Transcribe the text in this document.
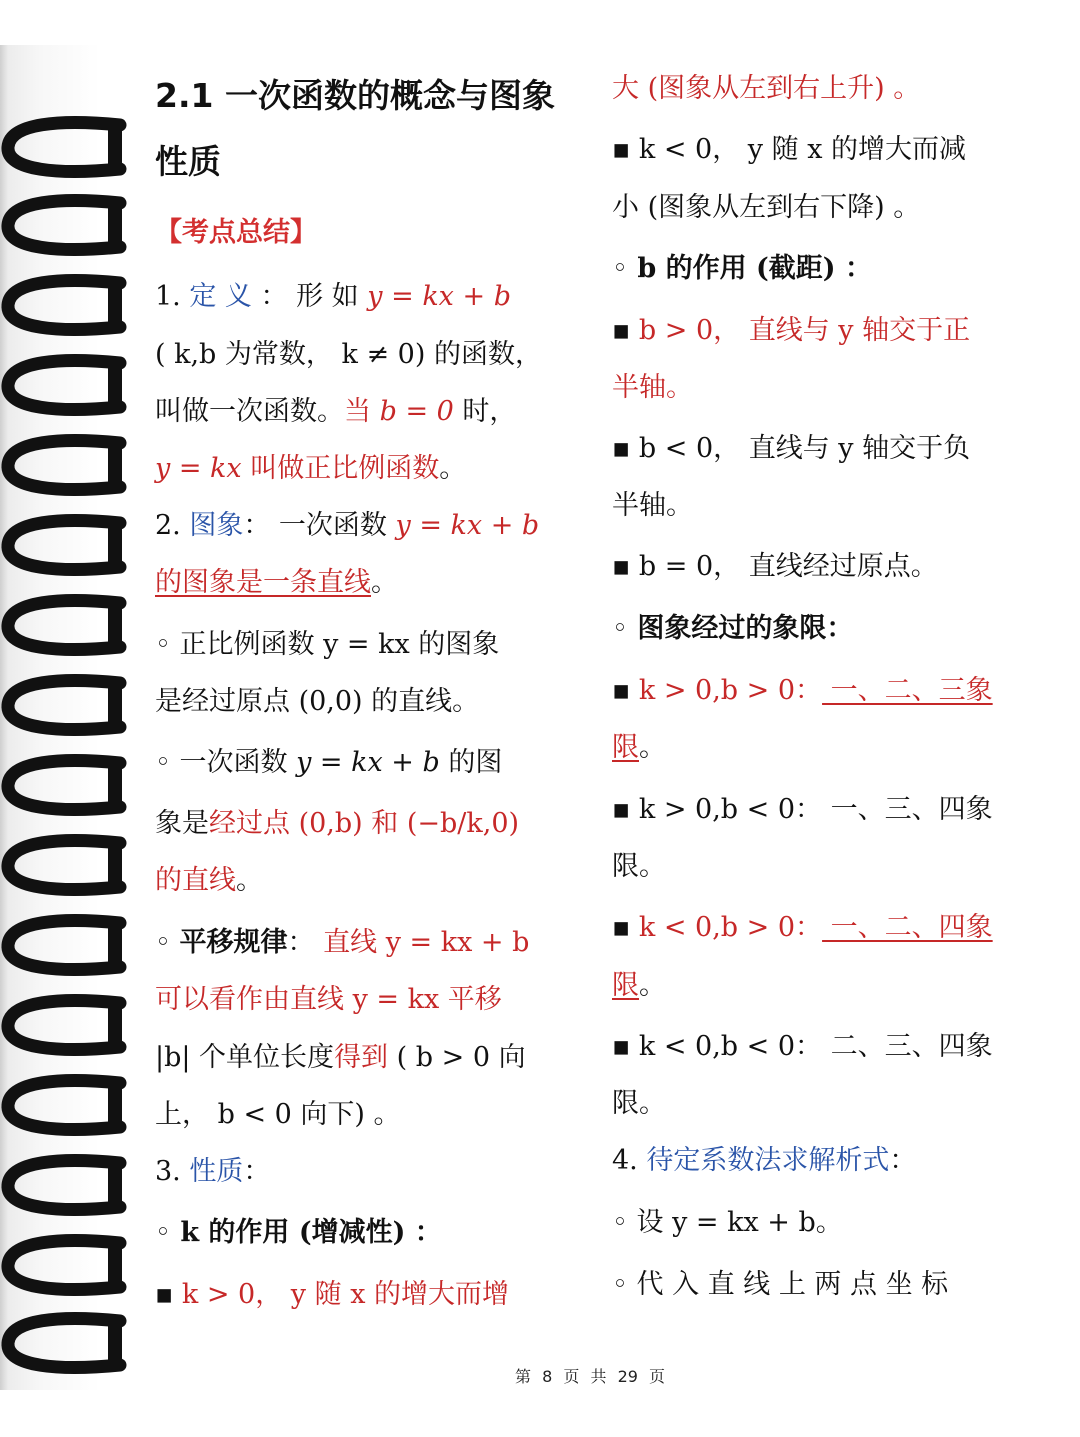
2.1 一次函数的概念与图象
性质
【考点总结】
1. 定 义 ： 形 如 y = kx + b
( k,b 为常数， k ≠ 0) 的函数，
叫做一次函数。当 b = 0 时，
y = kx 叫做正比例函数。
2. 图象： 一次函数 y = kx + b
的图象是一条直线。
◦ 正比例函数 y = kx 的图象
是经过原点 (0,0) 的直线。
◦ 一次函数 y = kx + b 的图
象是经过点 (0,b) 和 (−b/k,0)
的直线。
◦ 平移规律： 直线 y = kx + b
可以看作由直线 y = kx 平移
|b| 个单位长度得到 ( b > 0 向
上， b < 0 向下) 。
3. 性质：
◦ k 的作用 (增减性) ：
▪ k > 0， y 随 x 的增大而增
大 (图象从左到右上升) 。
▪ k < 0， y 随 x 的增大而减
小 (图象从左到右下降) 。
◦ b 的作用 (截距) ：
▪ b > 0， 直线与 y 轴交于正
半轴。
▪ b < 0， 直线与 y 轴交于负
半轴。
▪ b = 0， 直线经过原点。
◦ 图象经过的象限：
▪ k > 0,b > 0： 一、二、三象
限。
▪ k > 0,b < 0： 一、三、四象
限。
▪ k < 0,b > 0： 一、二、四象
限。
▪ k < 0,b < 0： 二、三、四象
限。
4. 待定系数法求解析式：
◦ 设 y = kx + b。
◦ 代 入 直 线 上 两 点 坐 标
第 8 页 共 29 页
